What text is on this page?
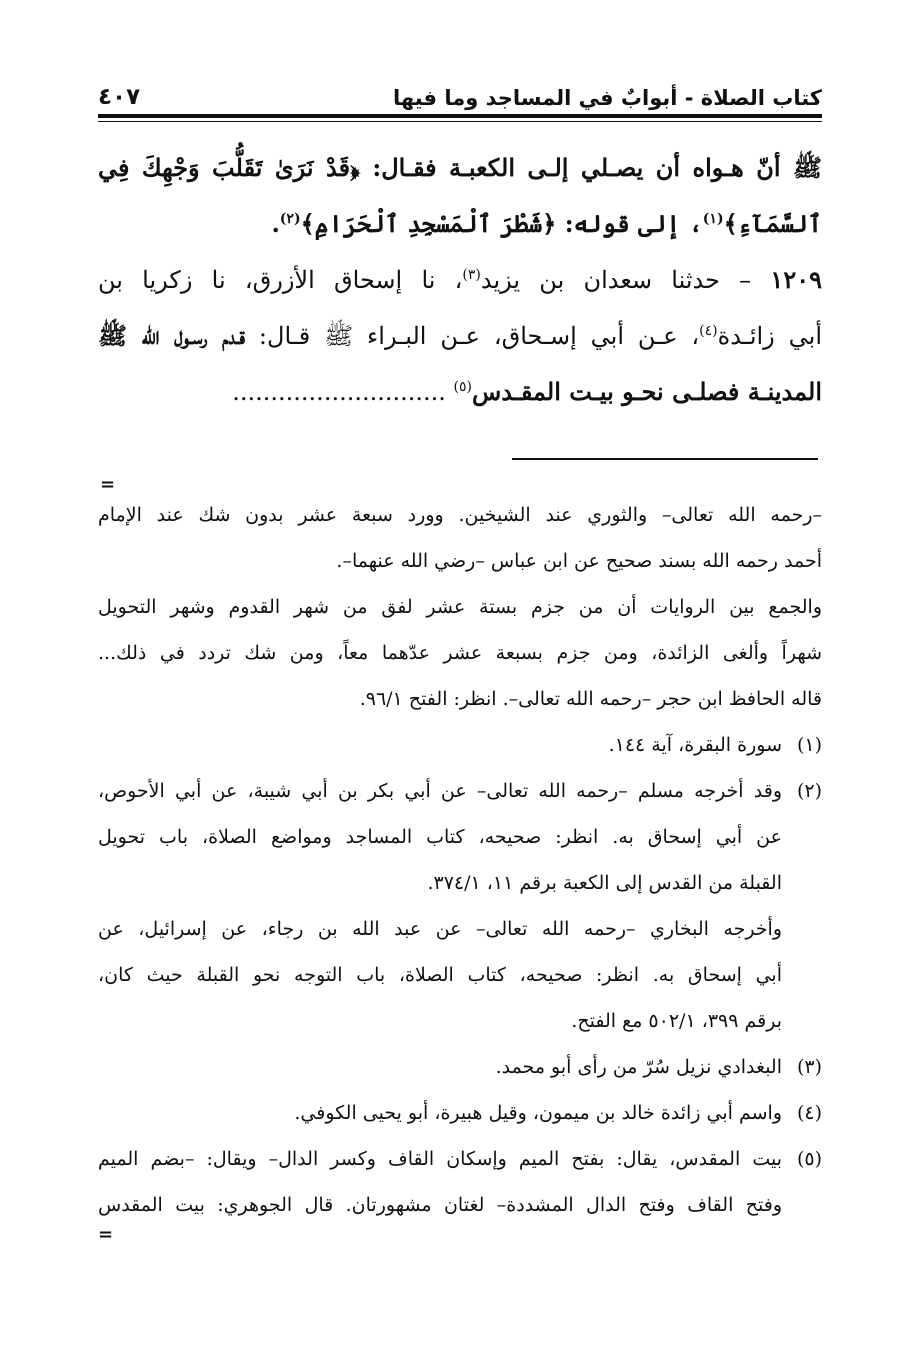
كتاب الصلاة - أبوابٌ في المساجد وما فيها
٤٠٧
ﷺ أنّ هـواه أن يصـلي إلـى الكعبـة فقـال: ﴿قَدْ نَرَىٰ تَقَلُّبَ وَجْهِكَ فِي
ٱلسَّمَآءِ﴾$^{(١)}$، إلى قوله: ﴿شَطْرَ ٱلْمَسْجِدِ ٱلْحَرَامِ﴾$^{(٢)}$.
١٢٠٩ – حدثنا سعدان بن يزيد$^{(٣)}$، نا إسحاق الأزرق، نا زكريا بن
أبي زائـدة$^{(٤)}$، عـن أبي إسـحاق، عـن البـراء ﷺ قـال: قـدم رسـول الله ﷺ
المدينـة فصلـى نحـو بيـت المقـدس$^{(٥)}$ ............................
=
–رحمه الله تعالى– والثوري عند الشيخين. وورد سبعة عشر بدون شك عند الإمام
أحمد رحمه الله بسند صحيح عن ابن عباس –رضي الله عنهما–.
والجمع بين الروايات أن من جزم بستة عشر لفق من شهر القدوم وشهر التحويل
شهراً وألغى الزائدة، ومن جزم بسبعة عشر عدّهما معاً، ومن شك تردد في ذلك...
قاله الحافظ ابن حجر –رحمه الله تعالى–. انظر: الفتح ٩٦/١.
(١)سورة البقرة، آية ١٤٤.
(٢)وقد أخرجه مسلم –رحمه الله تعالى– عن أبي بكر بن أبي شيبة، عن أبي الأحوص،
عن أبي إسحاق به. انظر: صحيحه، كتاب المساجد ومواضع الصلاة، باب تحويل
القبلة من القدس إلى الكعبة برقم ١١، ٣٧٤/١.
وأخرجه البخاري –رحمه الله تعالى– عن عبد الله بن رجاء، عن إسرائيل، عن
أبي إسحاق به. انظر: صحيحه، كتاب الصلاة، باب التوجه نحو القبلة حيث كان،
برقم ٣٩٩، ٥٠٢/١ مع الفتح.
(٣)البغدادي نزيل سُرّ من رأى أبو محمد.
(٤)واسم أبي زائدة خالد بن ميمون، وقيل هبيرة، أبو يحيى الكوفي.
(٥)بيت المقدس، يقال: بفتح الميم وإسكان القاف وكسر الدال– ويقال: –بضم الميم
وفتح القاف وفتح الدال المشددة– لغتان مشهورتان. قال الجوهري: بيت المقدس
=
